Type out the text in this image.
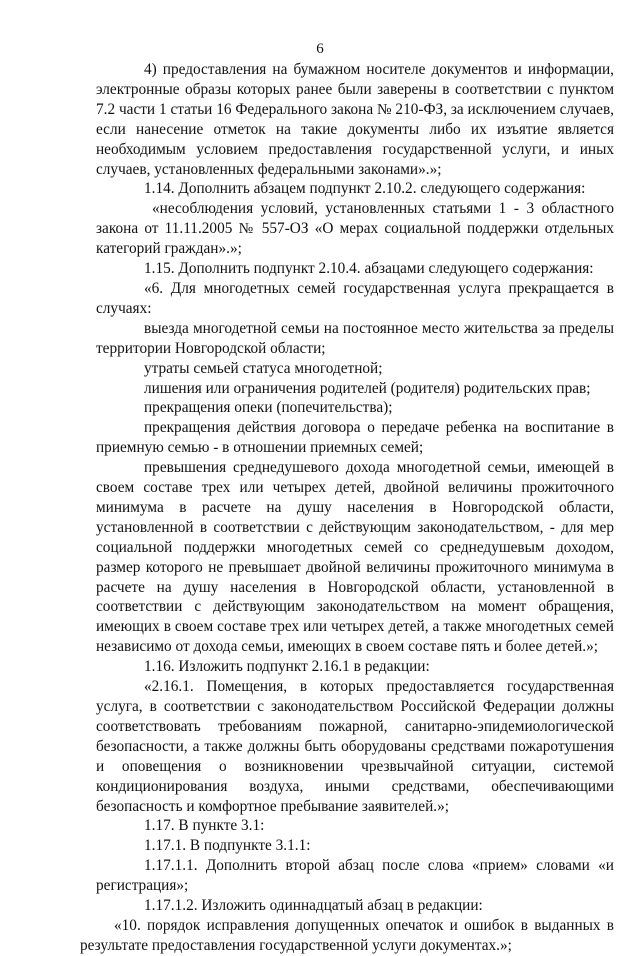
6

4) предоставления на бумажном носителе документов и информации, электронные образы которых ранее были заверены в соответствии с пунктом 7.2 части 1 статьи 16 Федерального закона № 210-ФЗ, за исключением случаев, если нанесение отметок на такие документы либо их изъятие является необходимым условием предоставления государственной услуги, и иных случаев, установленных федеральными законами».»;

1.14. Дополнить абзацем подпункт 2.10.2. следующего содержания:

«несоблюдения условий, установленных статьями 1 - 3 областного закона от 11.11.2005 № 557-ОЗ «О мерах социальной поддержки отдельных категорий граждан».»;

1.15. Дополнить подпункт 2.10.4. абзацами следующего содержания:

«6. Для многодетных семей государственная услуга прекращается в случаях:

выезда многодетной семьи на постоянное место жительства за пределы территории Новгородской области;

утраты семьей статуса многодетной;

лишения или ограничения родителей (родителя) родительских прав;

прекращения опеки (попечительства);

прекращения действия договора о передаче ребенка на воспитание в приемную семью - в отношении приемных семей;

превышения среднедушевого дохода многодетной семьи, имеющей в своем составе трех или четырех детей, двойной величины прожиточного минимума в расчете на душу населения в Новгородской области, установленной в соответствии с действующим законодательством, - для мер социальной поддержки многодетных семей со среднедушевым доходом, размер которого не превышает двойной величины прожиточного минимума в расчете на душу населения в Новгородской области, установленной в соответствии с действующим законодательством на момент обращения, имеющих в своем составе трех или четырех детей, а также многодетных семей независимо от дохода семьи, имеющих в своем составе пять и более детей.»;

1.16. Изложить подпункт 2.16.1 в редакции:

«2.16.1. Помещения, в которых предоставляется государственная услуга, в соответствии с законодательством Российской Федерации должны соответствовать требованиям пожарной, санитарно-эпидемиологической безопасности, а также должны быть оборудованы средствами пожаротушения и оповещения о возникновении чрезвычайной ситуации, системой кондиционирования воздуха, иными средствами, обеспечивающими безопасность и комфортное пребывание заявителей.»;

1.17. В пункте 3.1:

1.17.1. В подпункте 3.1.1:

1.17.1.1. Дополнить второй абзац после слова «прием» словами «и регистрация»;

1.17.1.2. Изложить одиннадцатый абзац в редакции:

«10. порядок исправления допущенных опечаток и ошибок в выданных в результате предоставления государственной услуги документах.»;
